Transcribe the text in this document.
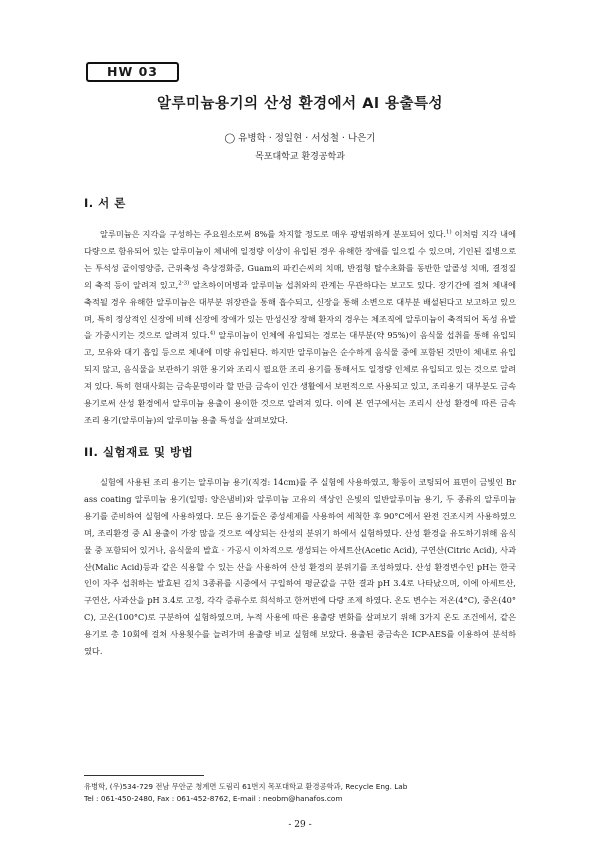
HW 03
알루미늄용기의 산성 환경에서 Al 용출특성
◯ 유병학 · 정일현 · 서성철 · 나은기
목포대학교 환경공학과
I. 서 론

알루미늄은 지각을 구성하는 주요원소로써 8%를 차지할 정도로 매우 광범위하게 분포되어 있다.$^{1)}$ 이처럼 지각 내에 다량으로 함유되어 있는 알루미늄이 체내에 일정량 이상이 유입된 경우 유해한 장애를 일으킬 수 있으며, 기인된 질병으로는 투석성 골이영양증, 근위축성 측상경화증, Guam의 파킨슨씨의 치매, 반점형 탈수초화를 동반한 알콜성 치매, 결정질의 축적 등이 알려져 있고,$^{2-3)}$ 알츠하이머병과 알루미늄 섭취와의 관계는 무관하다는 보고도 있다. 장기간에 걸쳐 체내에 축적될 경우 유해한 알루미늄은 대부분 위장관을 통해 흡수되고, 신장을 통해 소변으로 대부분 배설된다고 보고하고 있으며, 특히 정상적인 신장에 비해 신장에 장애가 있는 만성신장 장해 환자의 경우는 체조직에 알루미늄이 축적되어 독성 유발을 가중시키는 것으로 알려져 있다.$^{4)}$ 알루미늄이 인체에 유입되는 경로는 대부분(약 95%)이 음식물 섭취를 통해 유입되고, 모유와 대기 흡입 등으로 체내에 미량 유입된다. 하지만 알루미늄은 순수하게 음식물 중에 포함된 것만이 체내로 유입되지 않고, 음식물을 보관하기 위한 용기와 조리시 필요한 조리 용기를 통해서도 일정량 인체로 유입되고 있는 것으로 알려져 있다. 특히 현대사회는 금속문명이라 할 만큼 금속이 인간 생활에서 보편적으로 사용되고 있고, 조리용기 대부분도 금속 용기로써 산성 환경에서 알루미늄 용출이 용이한 것으로 알려져 있다. 이에 본 연구에서는 조리시 산성 환경에 따른 금속 조리 용기(알루미늄)의 알루미늄 용출 특성을 살펴보았다.

II. 실험재료 및 방법

실험에 사용된 조리 용기는 알루미늄 용기(직경: 14cm)를 주 실험에 사용하였고, 황동이 코팅되어 표면이 금빛인 Brass coating 알루미늄 용기(일명: 양은냄비)와 알루미늄 고유의 색상인 은빛의 일반알루미늄 용기, 두 종류의 알루미늄 용기를 준비하여 실험에 사용하였다. 모든 용기들은 중성세제를 사용하여 세척한 후 90°C에서 완전 건조시켜 사용하였으며, 조리환경 중 Al 용출이 가장 많을 것으로 예상되는 산성의 분위기 하에서 실험하였다. 산성 환경을 유도하기위해 음식물 중 포함되어 있거나, 음식물의 발효 · 가공시 이차적으로 생성되는 아세트산(Acetic Acid), 구연산(Citric Acid), 사과산(Malic Acid)등과 같은 식용할 수 있는 산을 사용하여 산성 환경의 분위기를 조성하였다. 산성 환경변수인 pH는 한국인이 자주 섭취하는 발효된 김치 3종류를 시중에서 구입하여 평균값을 구한 결과 pH 3.4로 나타났으며, 이에 아세트산, 구연산, 사과산을 pH 3.4로 고정, 각각 증류수로 희석하고 한꺼번에 다량 조제 하였다. 온도 변수는 저온(4°C), 중온(40°C), 고온(100°C)로 구분하여 실험하였으며, 누적 사용에 따른 용출량 변화를 살펴보기 위해 3가지 온도 조건에서, 같은 용기로 총 10회에 걸쳐 사용횟수를 늘려가며 용출량 비교 실험해 보았다. 용출된 중금속은 ICP-AES를 이용하여 분석하였다.

유병학, (우)534-729 전남 무안군 청계면 도림리 61번지 목포대학교 환경공학과, Recycle Eng. Lab
Tel : 061-450-2480, Fax : 061-452-8762, E-mail : neobm@hanafos.com
- 29 -
